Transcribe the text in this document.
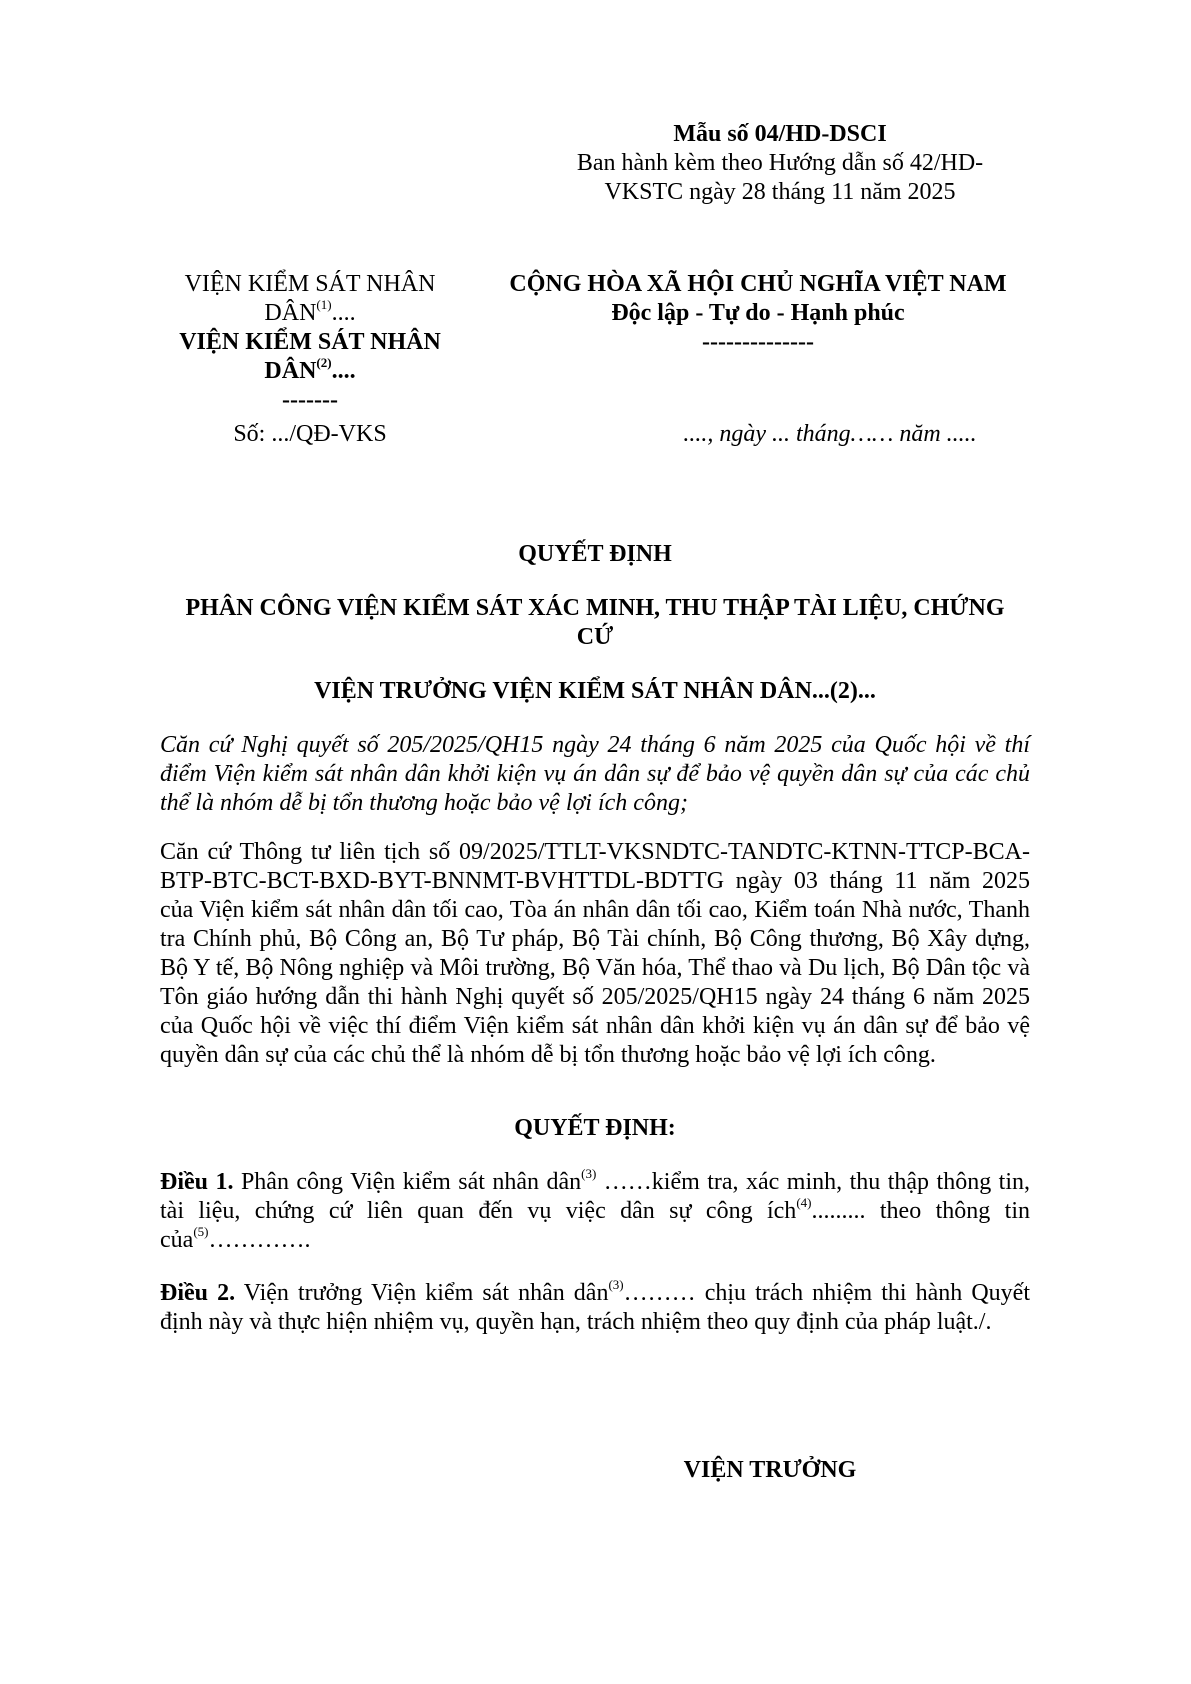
Mẫu số 04/HD-DSCI
Ban hành kèm theo Hướng dẫn số 42/HD-
VKSTC ngày 28 tháng 11 năm 2025
VIỆN KIỂM SÁT NHÂN
DÂN$^{(1)}$....
VIỆN KIỂM SÁT NHÂN
DÂN$^{(2)}$....
-------
Số: .../QĐ-VKS
CỘNG HÒA XÃ HỘI CHỦ NGHĨA VIỆT NAM
Độc lập - Tự do - Hạnh phúc
--------------
...., ngày ... tháng…… năm .....
QUYẾT ĐỊNH
PHÂN CÔNG VIỆN KIỂM SÁT XÁC MINH, THU THẬP TÀI LIỆU, CHỨNG
CỨ
VIỆN TRƯỞNG VIỆN KIỂM SÁT NHÂN DÂN...(2)...

Căn cứ Nghị quyết số 205/2025/QH15 ngày 24 tháng 6 năm 2025 của Quốc hội về thí điểm Viện kiểm sát nhân dân khởi kiện vụ án dân sự để bảo vệ quyền dân sự của các chủ thể là nhóm dễ bị tổn thương hoặc bảo vệ lợi ích công;

Căn cứ Thông tư liên tịch số 09/2025/TTLT-VKSNDTC-TANDTC-KTNN-TTCP-BCA-BTP-BTC-BCT-BXD-BYT-BNNMT-BVHTTDL-BDTTG ngày 03 tháng 11 năm 2025 của Viện kiểm sát nhân dân tối cao, Tòa án nhân dân tối cao, Kiểm toán Nhà nước, Thanh tra Chính phủ, Bộ Công an, Bộ Tư pháp, Bộ Tài chính, Bộ Công thương, Bộ Xây dựng, Bộ Y tế, Bộ Nông nghiệp và Môi trường, Bộ Văn hóa, Thể thao và Du lịch, Bộ Dân tộc và Tôn giáo hướng dẫn thi hành Nghị quyết số 205/2025/QH15 ngày 24 tháng 6 năm 2025 của Quốc hội về việc thí điểm Viện kiểm sát nhân dân khởi kiện vụ án dân sự để bảo vệ quyền dân sự của các chủ thể là nhóm dễ bị tổn thương hoặc bảo vệ lợi ích công.

QUYẾT ĐỊNH:

Điều 1. Phân công Viện kiểm sát nhân dân$^{(3)}$ ……kiểm tra, xác minh, thu thập thông tin, tài liệu, chứng cứ liên quan đến vụ việc dân sự công ích$^{(4)}$......... theo thông tin của$^{(5)}$………….

Điều 2. Viện trưởng Viện kiểm sát nhân dân$^{(3)}$……… chịu trách nhiệm thi hành Quyết định này và thực hiện nhiệm vụ, quyền hạn, trách nhiệm theo quy định của pháp luật./.

VIỆN TRƯỞNG
